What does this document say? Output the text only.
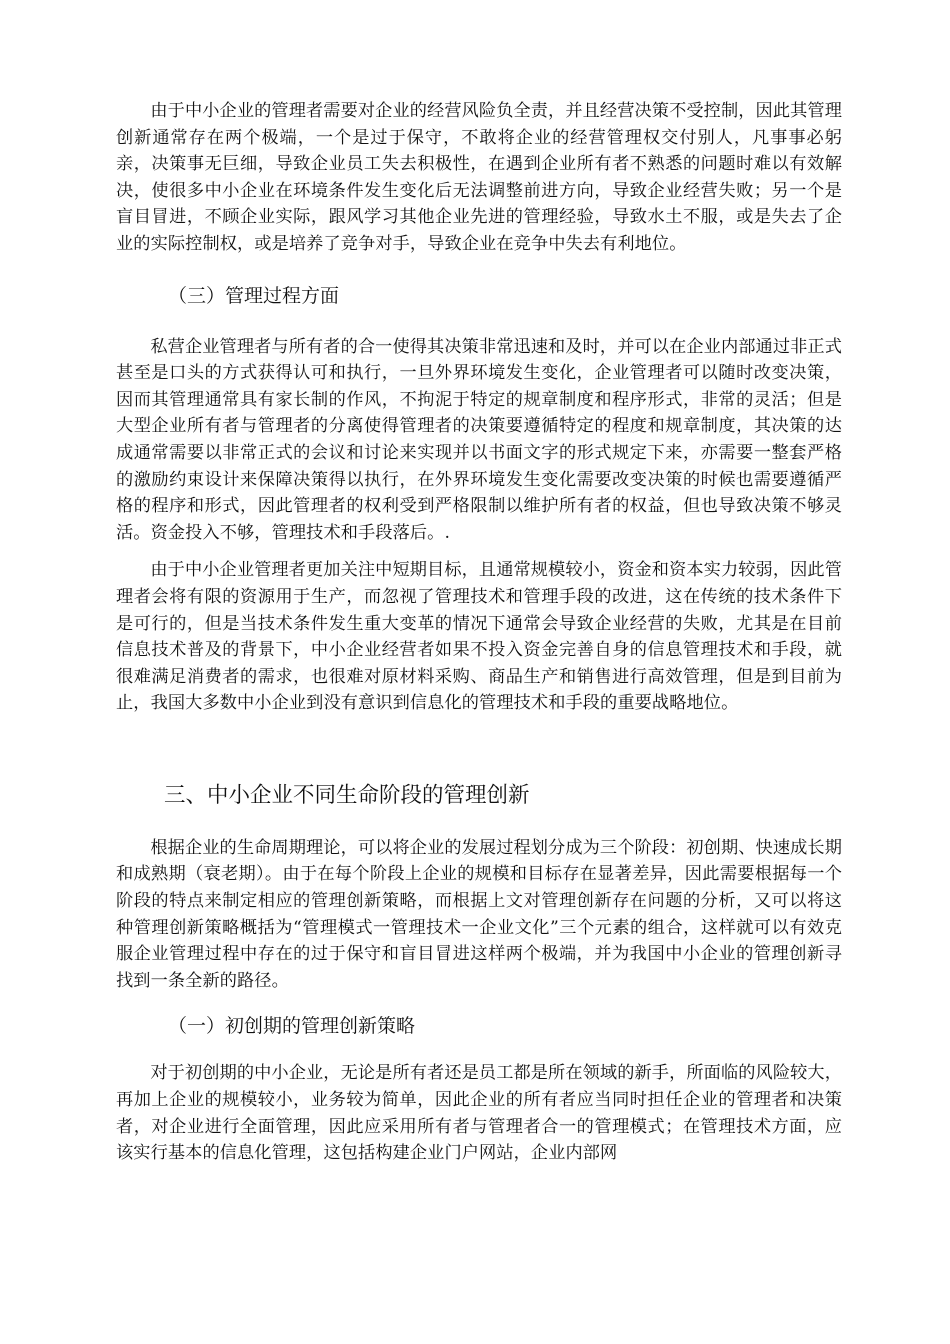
由于中小企业的管理者需要对企业的经营风险负全责，并且经营决策不受控制，因此其管理创新通常存在两个极端，一个是过于保守，不敢将企业的经营管理权交付别人，凡事事必躬亲，决策事无巨细，导致企业员工失去积极性，在遇到企业所有者不熟悉的问题时难以有效解决，使很多中小企业在环境条件发生变化后无法调整前进方向，导致企业经营失败；另一个是盲目冒进，不顾企业实际，跟风学习其他企业先进的管理经验，导致水土不服，或是失去了企业的实际控制权，或是培养了竞争对手，导致企业在竞争中失去有利地位。

（三）管理过程方面

私营企业管理者与所有者的合一使得其决策非常迅速和及时，并可以在企业内部通过非正式甚至是口头的方式获得认可和执行，一旦外界环境发生变化，企业管理者可以随时改变决策，因而其管理通常具有家长制的作风，不拘泥于特定的规章制度和程序形式，非常的灵活；但是大型企业所有者与管理者的分离使得管理者的决策要遵循特定的程度和规章制度，其决策的达成通常需要以非常正式的会议和讨论来实现并以书面文字的形式规定下来，亦需要一整套严格的激励约束设计来保障决策得以执行，在外界环境发生变化需要改变决策的时候也需要遵循严格的程序和形式，因此管理者的权利受到严格限制以维护所有者的权益，但也导致决策不够灵活。资金投入不够，管理技术和手段落后。.

由于中小企业管理者更加关注中短期目标，且通常规模较小，资金和资本实力较弱，因此管理者会将有限的资源用于生产，而忽视了管理技术和管理手段的改进，这在传统的技术条件下是可行的，但是当技术条件发生重大变革的情况下通常会导致企业经营的失败，尤其是在目前信息技术普及的背景下，中小企业经营者如果不投入资金完善自身的信息管理技术和手段，就很难满足消费者的需求，也很难对原材料采购、商品生产和销售进行高效管理，但是到目前为止，我国大多数中小企业到没有意识到信息化的管理技术和手段的重要战略地位。

三、中小企业不同生命阶段的管理创新

根据企业的生命周期理论，可以将企业的发展过程划分成为三个阶段：初创期、快速成长期和成熟期（衰老期）。由于在每个阶段上企业的规模和目标存在显著差异，因此需要根据每一个阶段的特点来制定相应的管理创新策略，而根据上文对管理创新存在问题的分析，又可以将这种管理创新策略概括为“管理模式一管理技术一企业文化”三个元素的组合，这样就可以有效克服企业管理过程中存在的过于保守和盲目冒进这样两个极端，并为我国中小企业的管理创新寻找到一条全新的路径。

（一）初创期的管理创新策略

对于初创期的中小企业，无论是所有者还是员工都是所在领域的新手，所面临的风险较大，再加上企业的规模较小，业务较为简单，因此企业的所有者应当同时担任企业的管理者和决策者，对企业进行全面管理，因此应采用所有者与管理者合一的管理模式；在管理技术方面，应该实行基本的信息化管理，这包括构建企业门户网站，企业内部网
